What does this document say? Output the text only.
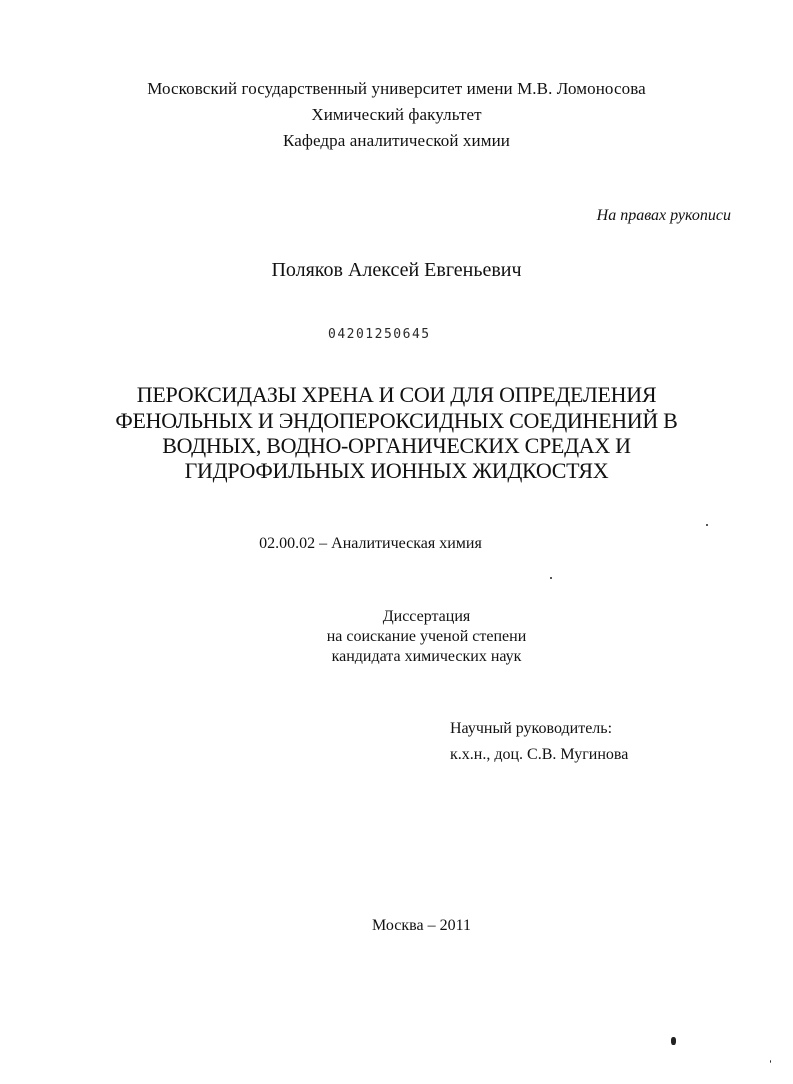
Московский государственный университет имени М.В. Ломоносова
Химический факультет
Кафедра аналитической химии
На правах рукописи
Поляков Алексей Евгеньевич
04201250645
ПЕРОКСИДАЗЫ ХРЕНА И СОИ ДЛЯ ОПРЕДЕЛЕНИЯ
ФЕНОЛЬНЫХ И ЭНДОПЕРОКСИДНЫХ СОЕДИНЕНИЙ В
ВОДНЫХ, ВОДНО-ОРГАНИЧЕСКИХ СРЕДАХ И
ГИДРОФИЛЬНЫХ ИОННЫХ ЖИДКОСТЯХ
02.00.02 – Аналитическая химия
Диссертация
на соискание ученой степени
кандидата химических наук
Научный руководитель:
к.х.н., доц. С.В. Мугинова
Москва – 2011
